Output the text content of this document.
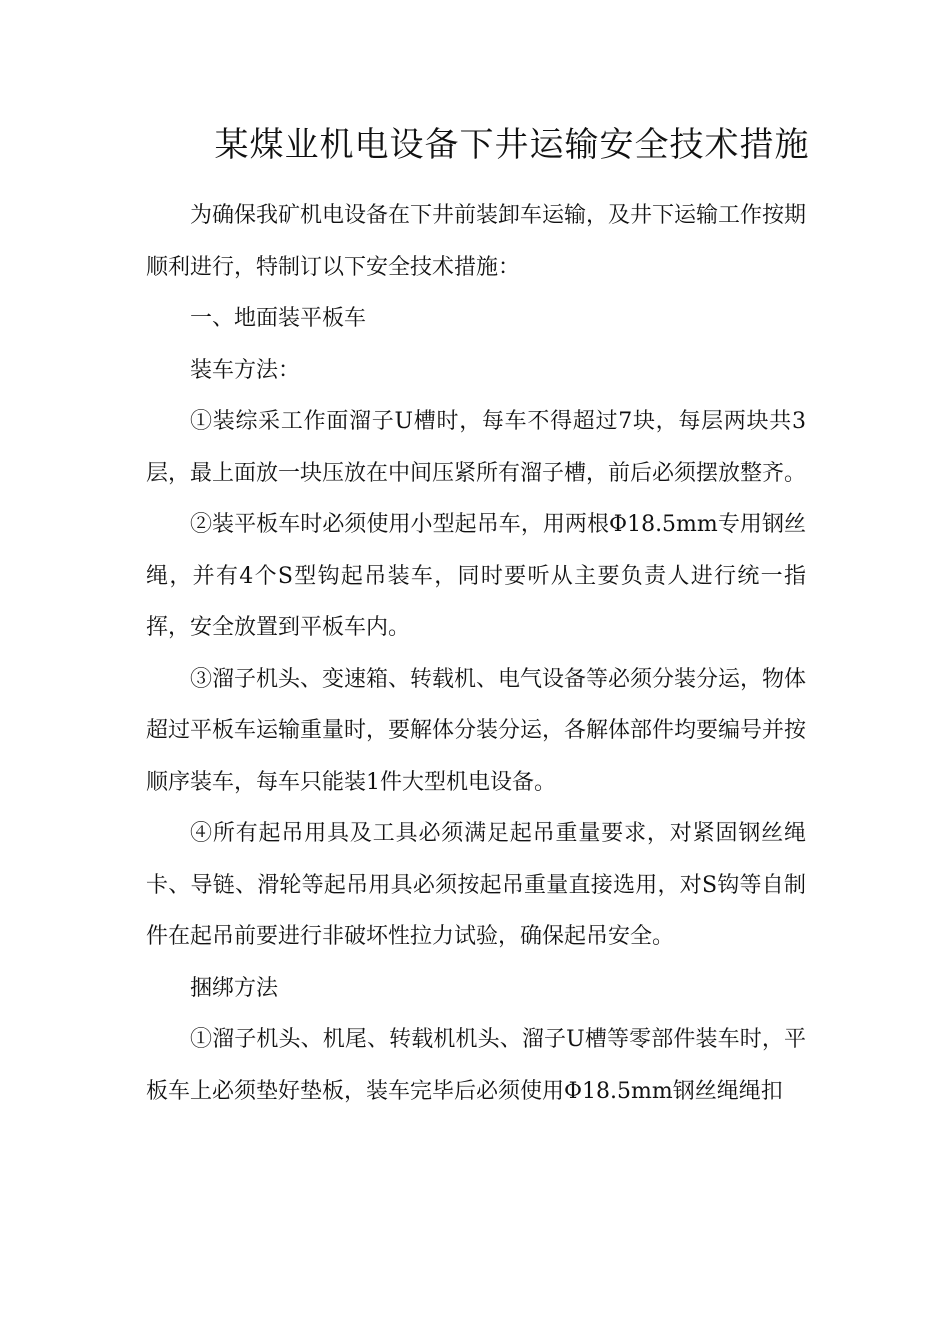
某煤业机电设备下井运输安全技术措施

为确保我矿机电设备在下井前装卸车运输，及井下运输工作按期顺利进行，特制订以下安全技术措施：

一、地面装平板车

装车方法：

①装综采工作面溜子U槽时，每车不得超过7块，每层两块共3层，最上面放一块压放在中间压紧所有溜子槽，前后必须摆放整齐。

②装平板车时必须使用小型起吊车，用两根Φ18.5mm专用钢丝绳，并有4个S型钩起吊装车，同时要听从主要负责人进行统一指挥，安全放置到平板车内。

③溜子机头、变速箱、转载机、电气设备等必须分装分运，物体超过平板车运输重量时，要解体分装分运，各解体部件均要编号并按顺序装车，每车只能装1件大型机电设备。

④所有起吊用具及工具必须满足起吊重量要求，对紧固钢丝绳卡、导链、滑轮等起吊用具必须按起吊重量直接选用，对S钩等自制件在起吊前要进行非破坏性拉力试验，确保起吊安全。

捆绑方法

①溜子机头、机尾、转载机机头、溜子U槽等零部件装车时，平板车上必须垫好垫板，装车完毕后必须使用Φ18.5mm钢丝绳绳扣
